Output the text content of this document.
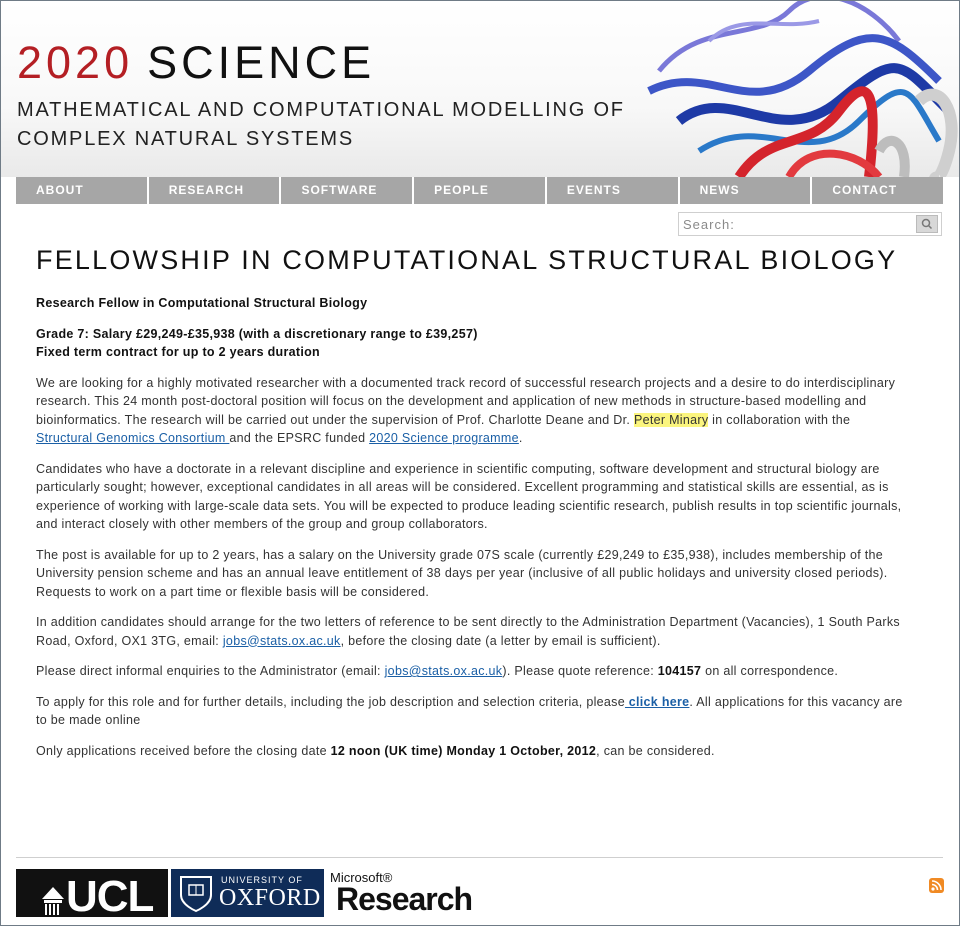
2020 SCIENCE
MATHEMATICAL AND COMPUTATIONAL MODELLING OF
COMPLEX NATURAL SYSTEMS
ABOUT	RESEARCH	SOFTWARE	PEOPLE	EVENTS	NEWS	CONTACT
Search:
FELLOWSHIP IN COMPUTATIONAL STRUCTURAL BIOLOGY

Research Fellow in Computational Structural Biology

Grade 7: Salary £29,249-£35,938 (with a discretionary range to £39,257)
Fixed term contract for up to 2 years duration

We are looking for a highly motivated researcher with a documented track record of successful research projects and a desire to do interdisciplinary research. This 24 month post-doctoral position will focus on the development and application of new methods in structure-based modelling and bioinformatics. The research will be carried out under the supervision of Prof. Charlotte Deane and Dr. Peter Minary in collaboration with the Structural Genomics Consortium and the EPSRC funded 2020 Science programme.

Candidates who have a doctorate in a relevant discipline and experience in scientific computing, software development and structural biology are particularly sought; however, exceptional candidates in all areas will be considered. Excellent programming and statistical skills are essential, as is experience of working with large-scale data sets. You will be expected to produce leading scientific research, publish results in top scientific journals, and interact closely with other members of the group and group collaborators.

The post is available for up to 2 years, has a salary on the University grade 07S scale (currently £29,249 to £35,938), includes membership of the University pension scheme and has an annual leave entitlement of 38 days per year (inclusive of all public holidays and university closed periods). Requests to work on a part time or flexible basis will be considered.

In addition candidates should arrange for the two letters of reference to be sent directly to the Administration Department (Vacancies), 1 South Parks Road, Oxford, OX1 3TG, email: jobs@stats.ox.ac.uk, before the closing date (a letter by email is sufficient).

Please direct informal enquiries to the Administrator (email: jobs@stats.ox.ac.uk). Please quote reference: 104157 on all correspondence.

To apply for this role and for further details, including the job description and selection criteria, please click here. All applications for this vacancy are to be made online

Only applications received before the closing date 12 noon (UK time) Monday 1 October, 2012, can be considered.

UCL	UNIVERSITY OF
OXFORD
Microsoft®
Research
